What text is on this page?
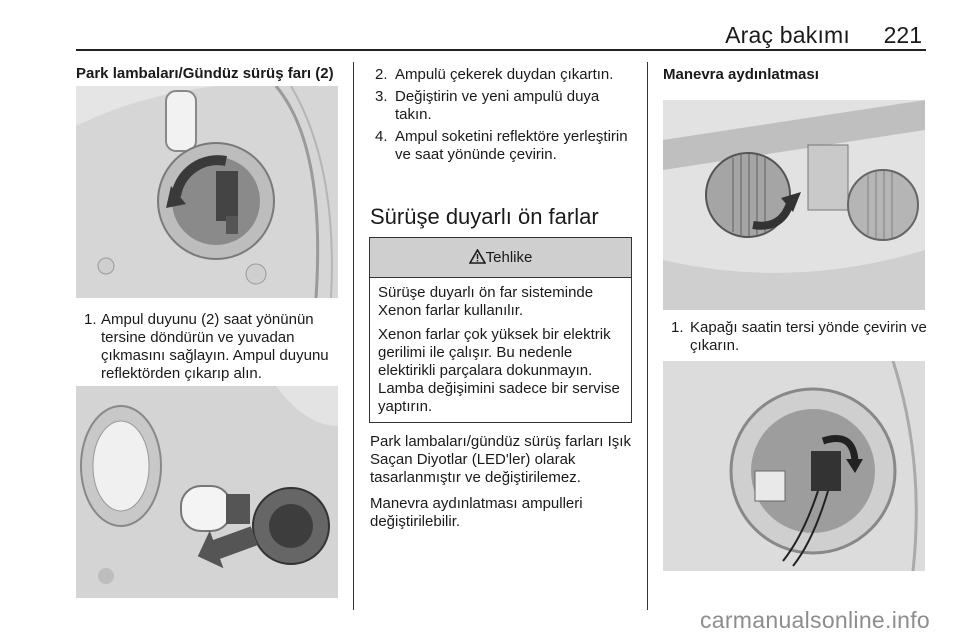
Araç bakımı 221
Park lambaları/Gündüz sürüş farı (2)
1. Ampul duyunu (2) saat yönünün tersine döndürün ve yuvadan çıkmasını sağlayın. Ampul duyunu reflektörden çıkarıp alın.
2. Ampulü çekerek duydan çıkartın.
3. Değiştirin ve yeni ampulü duya takın.
4. Ampul soketini reflektöre yerleştirin ve saat yönünde çevirin.
Sürüşe duyarlı ön farlar
Tehlike

Sürüşe duyarlı ön far sisteminde Xenon farlar kullanılır.

Xenon farlar çok yüksek bir elektrik gerilimi ile çalışır. Bu nedenle elektirikli parçalara dokunmayın. Lamba değişimini sadece bir servise yaptırın.

Park lambaları/gündüz sürüş farları Işık Saçan Diyotlar (LED'ler) olarak tasarlanmıştır ve değiştirilemez.

Manevra aydınlatması ampulleri değiştirilebilir.

Manevra aydınlatması
1. Kapağı saatin tersi yönde çevirin ve çıkarın.
carmanualsonline.info
